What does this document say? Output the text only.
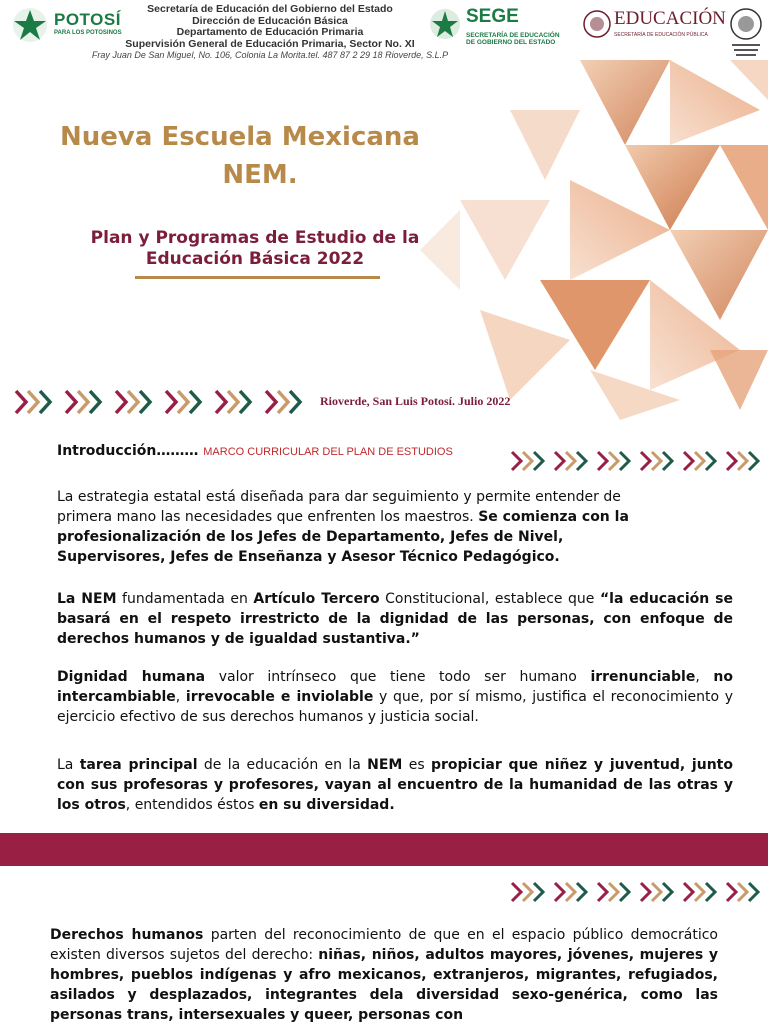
POTOSÍ
PARA LOS POTOSINOS
Secretaría de Educación del Gobierno del Estado
Dirección de Educación Básica
Departamento de Educación Primaria
Supervisión General de Educación Primaria, Sector No. XI
Fray Juan De San Miguel, No. 106, Colonia La Morita.tel. 487 87 2 29 18 Rioverde, S.L.P
SEGE
SECRETARÍA DE EDUCACIÓN
DE GOBIERNO DEL ESTADO
EDUCACIÓN
SECRETARÍA DE EDUCACIÓN PÚBLICA
Nueva Escuela Mexicana
NEM.
Plan y Programas de Estudio de la
Educación Básica 2022
Rioverde, San Luis Potosí. Julio 2022
Introducción……… MARCO CURRICULAR DEL PLAN DE ESTUDIOS
La estrategia estatal está diseñada para dar seguimiento y permite entender de primera mano las necesidades que enfrenten los maestros. Se comienza con la profesionalización de los Jefes de Departamento, Jefes de Nivel, Supervisores, Jefes de Enseñanza y Asesor Técnico Pedagógico.
La NEM fundamentada en Artículo Tercero Constitucional, establece que “la educación se basará en el respeto irrestricto de la dignidad de las personas, con enfoque de derechos humanos y de igualdad sustantiva.”
Dignidad humana valor intrínseco que tiene todo ser humano irrenunciable, no intercambiable, irrevocable e inviolable y que, por sí mismo, justifica el reconocimiento y ejercicio efectivo de sus derechos humanos y justicia social.
La tarea principal de la educación en la NEM es propiciar que niñez y juventud, junto con sus profesoras y profesores, vayan al encuentro de la humanidad de las otras y los otros, entendidos éstos en su diversidad.
Derechos humanos parten del reconocimiento de que en el espacio público democrático existen diversos sujetos del derecho: niñas, niños, adultos mayores, jóvenes, mujeres y hombres, pueblos indígenas y afro mexicanos, extranjeros, migrantes, refugiados, asilados y desplazados, integrantes dela diversidad sexo-genérica, como las personas trans, intersexuales y queer, personas con
